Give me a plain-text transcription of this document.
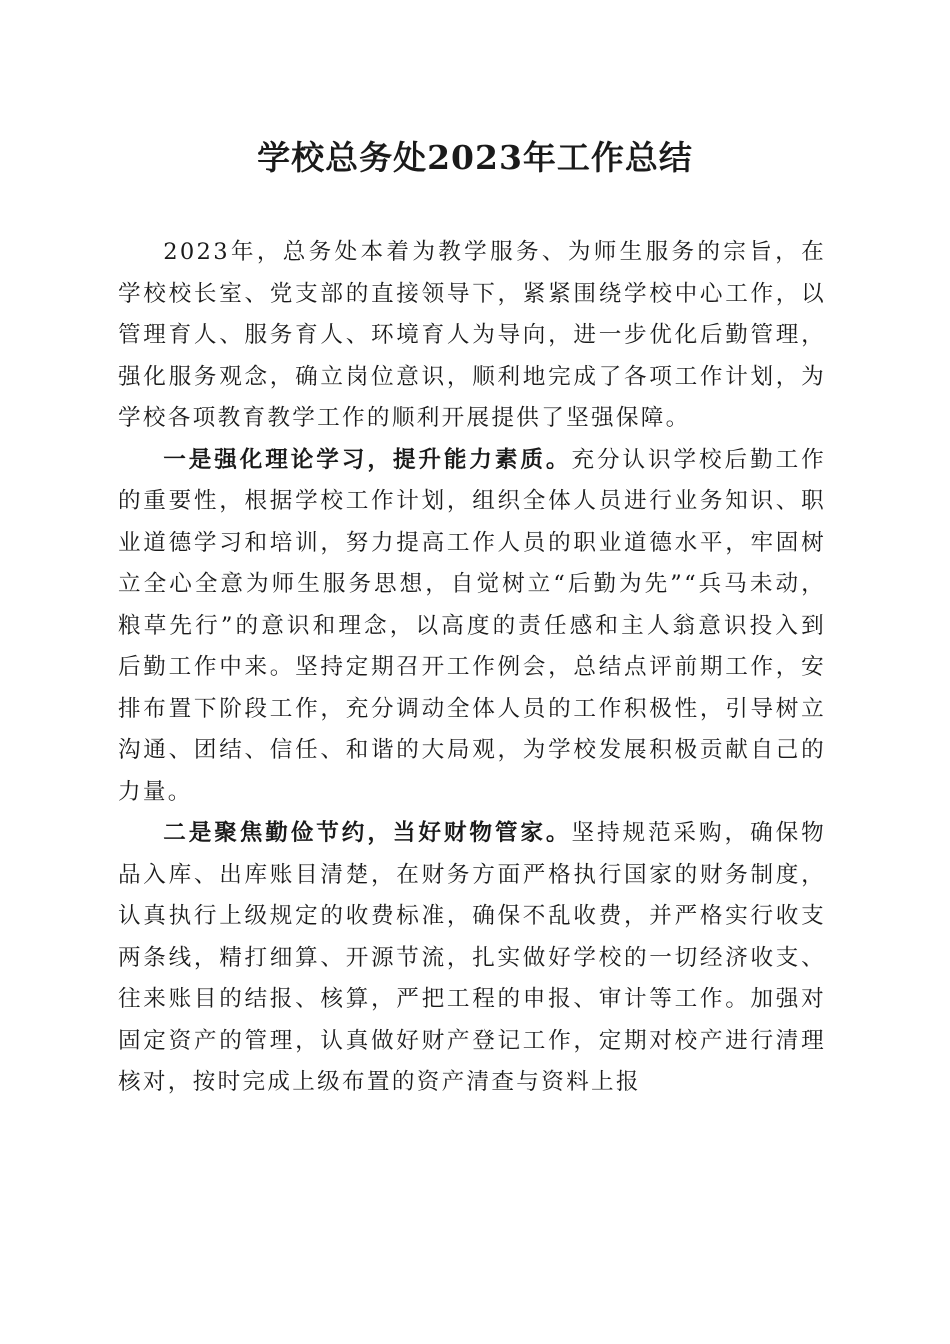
学校总务处2023年工作总结

2023年，总务处本着为教学服务、为师生服务的宗旨，在学校校长室、党支部的直接领导下，紧紧围绕学校中心工作，以管理育人、服务育人、环境育人为导向，进一步优化后勤管理，强化服务观念，确立岗位意识，顺利地完成了各项工作计划，为学校各项教育教学工作的顺利开展提供了坚强保障。

一是强化理论学习，提升能力素质。充分认识学校后勤工作的重要性，根据学校工作计划，组织全体人员进行业务知识、职业道德学习和培训，努力提高工作人员的职业道德水平，牢固树立全心全意为师生服务思想，自觉树立“后勤为先”“兵马未动，粮草先行”的意识和理念，以高度的责任感和主人翁意识投入到后勤工作中来。坚持定期召开工作例会，总结点评前期工作，安排布置下阶段工作，充分调动全体人员的工作积极性，引导树立沟通、团结、信任、和谐的大局观，为学校发展积极贡献自己的力量。

二是聚焦勤俭节约，当好财物管家。坚持规范采购，确保物品入库、出库账目清楚，在财务方面严格执行国家的财务制度，认真执行上级规定的收费标准，确保不乱收费，并严格实行收支两条线，精打细算、开源节流，扎实做好学校的一切经济收支、往来账目的结报、核算，严把工程的申报、审计等工作。加强对固定资产的管理，认真做好财产登记工作，定期对校产进行清理核对，按时完成上级布置的资产清查与资料上报
